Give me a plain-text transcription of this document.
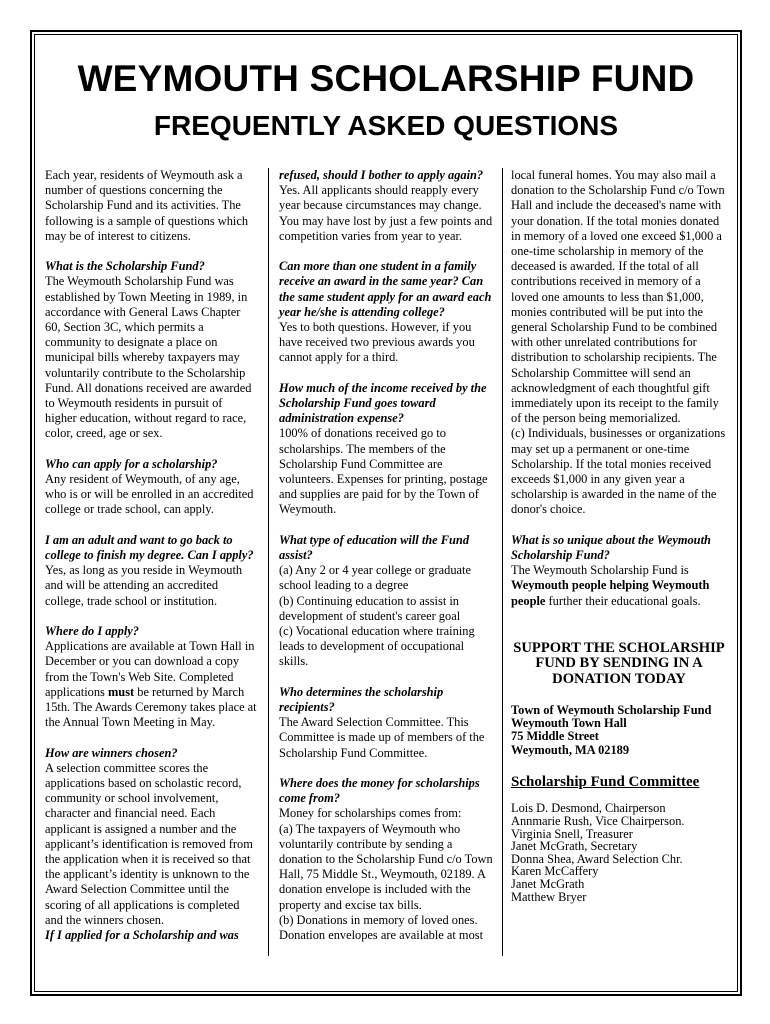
WEYMOUTH SCHOLARSHIP FUND
FREQUENTLY ASKED QUESTIONS

Each year, residents of Weymouth ask a number of questions concerning the Scholarship Fund and its activities. The following is a sample of questions which may be of interest to citizens.

What is the Scholarship Fund?
The Weymouth Scholarship Fund was established by Town Meeting in 1989, in accordance with General Laws Chapter 60, Section 3C, which permits a community to designate a place on municipal bills whereby taxpayers may voluntarily contribute to the Scholarship Fund. All donations received are awarded to Weymouth residents in pursuit of higher education, without regard to race, color, creed, age or sex.

Who can apply for a scholarship?
Any resident of Weymouth, of any age, who is or will be enrolled in an accredited college or trade school, can apply.

I am an adult and want to go back to college to finish my degree. Can I apply?
Yes, as long as you reside in Weymouth and will be attending an accredited college, trade school or institution.

Where do I apply?
Applications are available at Town Hall in December or you can download a copy from the Town's Web Site. Completed applications must be returned by March 15th. The Awards Ceremony takes place at the Annual Town Meeting in May.

How are winners chosen?
A selection committee scores the applications based on scholastic record, community or school involvement, character and financial need. Each applicant is assigned a number and the applicant’s identification is removed from the application when it is received so that the applicant’s identity is unknown to the Award Selection Committee until the scoring of all applications is completed and the winners chosen.
If I applied for a Scholarship and was

refused, should I bother to apply again?
Yes. All applicants should reapply every year because circumstances may change. You may have lost by just a few points and competition varies from year to year.

Can more than one student in a family receive an award in the same year? Can the same student apply for an award each year he/she is attending college?
Yes to both questions. However, if you have received two previous awards you cannot apply for a third.

How much of the income received by the Scholarship Fund goes toward administration expense?
100% of donations received go to scholarships. The members of the Scholarship Fund Committee are volunteers. Expenses for printing, postage and supplies are paid for by the Town of Weymouth.

What type of education will the Fund assist?
(a) Any 2 or 4 year college or graduate school leading to a degree
(b) Continuing education to assist in development of student's career goal
(c) Vocational education where training leads to development of occupational skills.

Who determines the scholarship recipients?
The Award Selection Committee. This Committee is made up of members of the Scholarship Fund Committee.

Where does the money for scholarships come from?
Money for scholarships comes from:
(a) The taxpayers of Weymouth who voluntarily contribute by sending a donation to the Scholarship Fund c/o Town Hall, 75 Middle St., Weymouth, 02189. A donation envelope is included with the property and excise tax bills.
(b) Donations in memory of loved ones. Donation envelopes are available at most

local funeral homes. You may also mail a donation to the Scholarship Fund c/o Town Hall and include the deceased's name with your donation. If the total monies donated in memory of a loved one exceed $1,000 a one-time scholarship in memory of the deceased is awarded. If the total of all contributions received in memory of a loved one amounts to less than $1,000, monies contributed will be put into the general Scholarship Fund to be combined with other unrelated contributions for distribution to scholarship recipients. The Scholarship Committee will send an acknowledgment of each thoughtful gift immediately upon its receipt to the family of the person being memorialized.

(c) Individuals, businesses or organizations may set up a permanent or one-time Scholarship. If the total monies received exceeds $1,000 in any given year a scholarship is awarded in the name of the donor's choice.

What is so unique about the Weymouth Scholarship Fund?
The Weymouth Scholarship Fund is Weymouth people helping Weymouth people further their educational goals.

SUPPORT THE SCHOLARSHIP FUND BY SENDING IN A DONATION TODAY
Town of Weymouth Scholarship Fund
Weymouth Town Hall
75 Middle Street
Weymouth, MA 02189
Scholarship Fund Committee
Lois D. Desmond, Chairperson
Annmarie Rush, Vice Chairperson.
Virginia Snell, Treasurer
Janet McGrath, Secretary
Donna Shea, Award Selection Chr.
Karen McCaffery
Janet McGrath
Matthew Bryer
